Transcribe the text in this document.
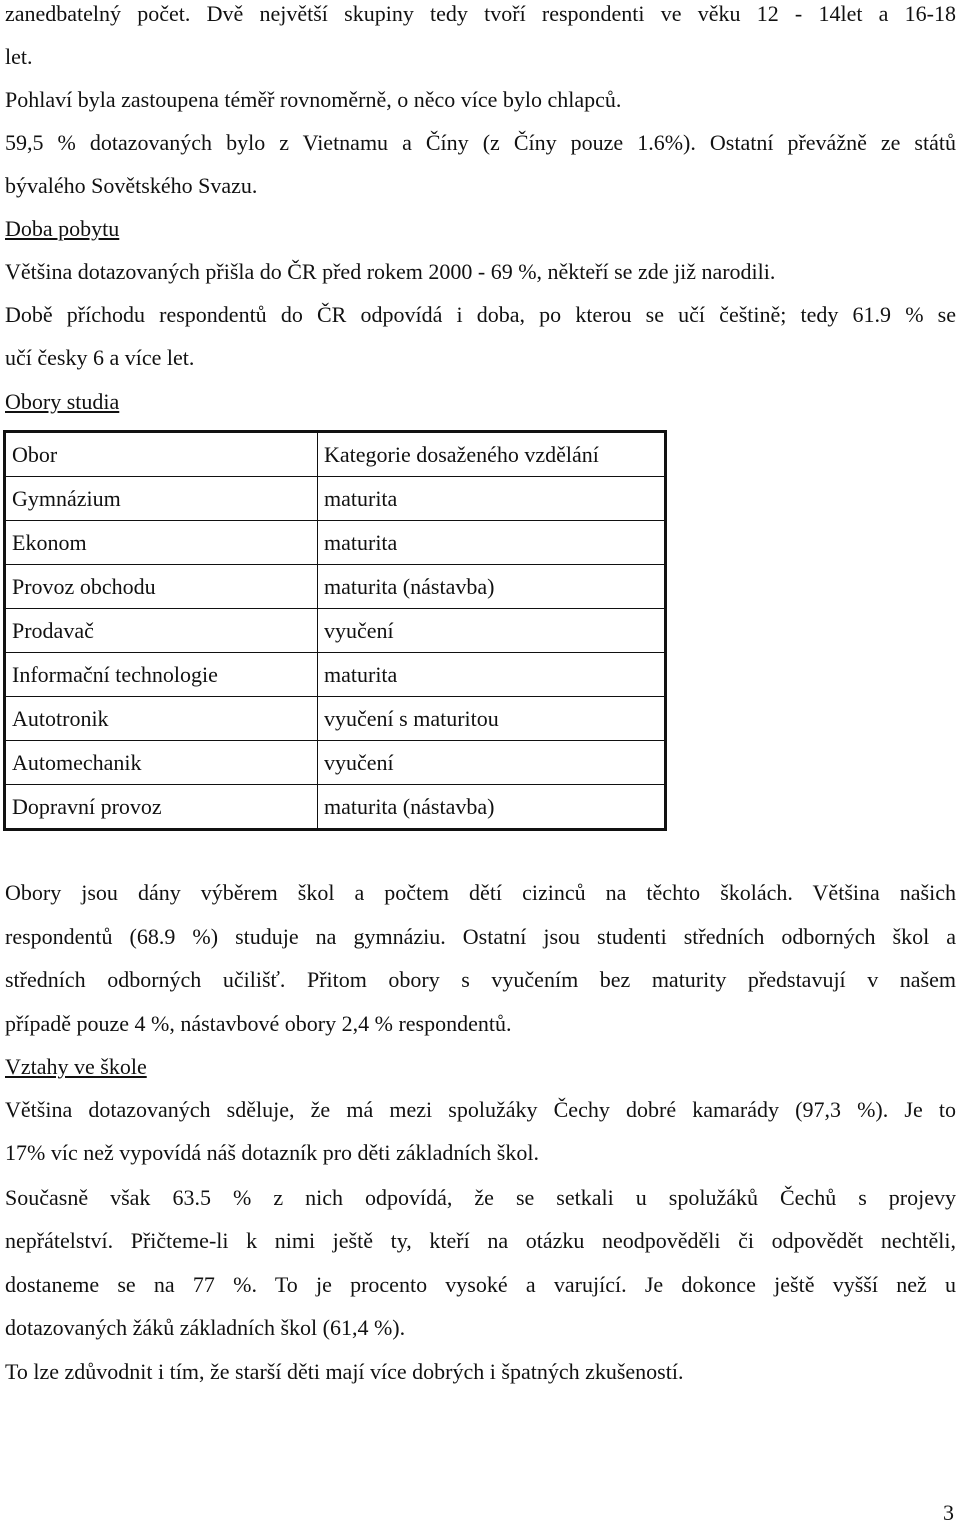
zanedbatelný počet. Dvě největší skupiny tedy tvoří respondenti ve věku 12 - 14let a 16-18
let.
Pohlaví byla zastoupena téměř rovnoměrně, o něco více bylo chlapců.
59,5 % dotazovaných bylo z Vietnamu a Číny (z Číny pouze 1.6%). Ostatní převážně ze států
bývalého Sovětského Svazu.
Doba pobytu
Většina dotazovaných přišla do ČR před rokem 2000 - 69 %, někteří se zde již narodili.
Době příchodu respondentů do ČR odpovídá i doba, po kterou se učí češtině; tedy 61.9 % se
učí česky 6 a více let.
Obory studia
Obor	Kategorie dosaženého vzdělání
Gymnázium	maturita
Ekonom	maturita
Provoz obchodu	maturita (nástavba)
Prodavač	vyučení
Informační technologie	maturita
Autotronik	vyučení s maturitou
Automechanik	vyučení
Dopravní provoz	maturita (nástavba)
Obory jsou dány výběrem škol a počtem dětí cizinců na těchto školách. Většina našich
respondentů (68.9 %) studuje na gymnáziu. Ostatní jsou studenti středních odborných škol a
středních odborných učilišť. Přitom obory s vyučením bez maturity představují v našem
případě pouze 4 %, nástavbové obory 2,4 % respondentů.
Vztahy ve škole
Většina dotazovaných sděluje, že má mezi spolužáky Čechy dobré kamarády (97,3 %). Je to
17% víc než vypovídá náš dotazník pro děti základních škol.
Současně však 63.5 % z nich odpovídá, že se setkali u spolužáků Čechů s projevy
nepřátelství. Přičteme-li k nimi ještě ty, kteří na otázku neodpověděli či odpovědět nechtěli,
dostaneme se na 77 %. To je procento vysoké a varující. Je dokonce ještě vyšší než u
dotazovaných žáků základních škol (61,4 %).
To lze zdůvodnit i tím, že starší děti mají více dobrých i špatných zkušeností.
3
